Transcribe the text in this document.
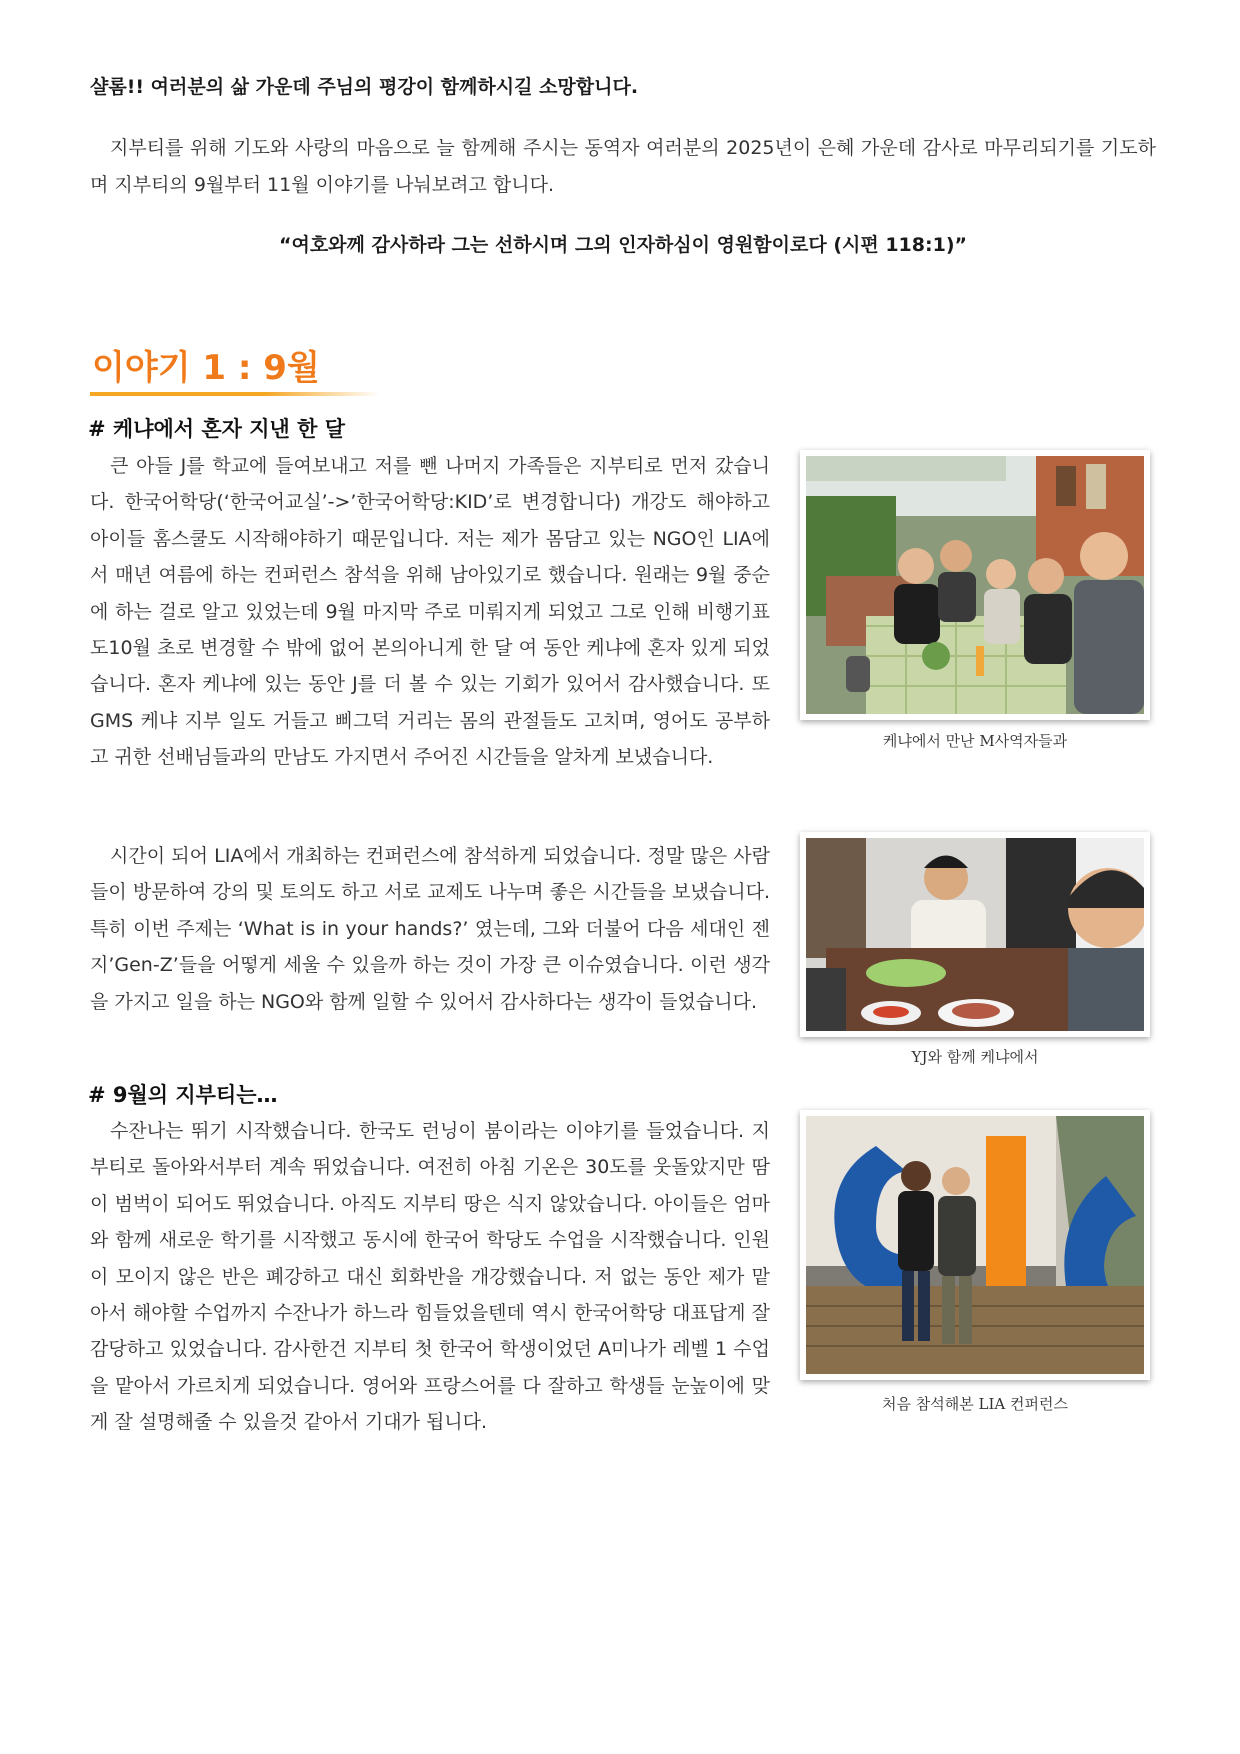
샬롬!! 여러분의 삶 가운데 주님의 평강이 함께하시길 소망합니다.
지부티를 위해 기도와 사랑의 마음으로 늘 함께해 주시는 동역자 여러분의 2025년이 은혜 가운데 감사로 마무리되기를 기도하며 지부티의 9월부터 11월 이야기를 나눠보려고 합니다.
“여호와께 감사하라 그는 선하시며 그의 인자하심이 영원함이로다 (시편 118:1)”
이야기 1 : 9월
# 케냐에서 혼자 지낸 한 달
큰 아들 J를 학교에 들여보내고 저를 뺀 나머지 가족들은 지부티로 먼저 갔습니다. 한국어학당(‘한국어교실’->’한국어학당:KID’로 변경합니다) 개강도 해야하고 아이들 홈스쿨도 시작해야하기 때문입니다. 저는 제가 몸담고 있는 NGO인 LIA에서 매년 여름에 하는 컨퍼런스 참석을 위해 남아있기로 했습니다. 원래는 9월 중순에 하는 걸로 알고 있었는데 9월 마지막 주로 미뤄지게 되었고 그로 인해 비행기표도10월 초로 변경할 수 밖에 없어 본의아니게 한 달 여 동안 케냐에 혼자 있게 되었습니다. 혼자 케냐에 있는 동안 J를 더 볼 수 있는 기회가 있어서 감사했습니다. 또 GMS 케냐 지부 일도 거들고 삐그덕 거리는 몸의 관절들도 고치며, 영어도 공부하고 귀한 선배님들과의 만남도 가지면서 주어진 시간들을 알차게 보냈습니다.
시간이 되어 LIA에서 개최하는 컨퍼런스에 참석하게 되었습니다. 정말 많은 사람들이 방문하여 강의 및 토의도 하고 서로 교제도 나누며 좋은 시간들을 보냈습니다. 특히 이번 주제는 ‘What is in your hands?’ 였는데, 그와 더불어 다음 세대인 젠지’Gen-Z’들을 어떻게 세울 수 있을까 하는 것이 가장 큰 이슈였습니다. 이런 생각을 가지고 일을 하는 NGO와 함께 일할 수 있어서 감사하다는 생각이 들었습니다.
# 9월의 지부티는…
수잔나는 뛰기 시작했습니다. 한국도 런닝이 붐이라는 이야기를 들었습니다. 지부티로 돌아와서부터 계속 뛰었습니다. 여전히 아침 기온은 30도를 웃돌았지만 땀이 범벅이 되어도 뛰었습니다. 아직도 지부티 땅은 식지 않았습니다. 아이들은 엄마와 함께 새로운 학기를 시작했고 동시에 한국어 학당도 수업을 시작했습니다. 인원이 모이지 않은 반은 폐강하고 대신 회화반을 개강했습니다. 저 없는 동안 제가 맡아서 해야할 수업까지 수잔나가 하느라 힘들었을텐데 역시 한국어학당 대표답게 잘 감당하고 있었습니다. 감사한건 지부티 첫 한국어 학생이었던 A미나가 레벨 1 수업을 맡아서 가르치게 되었습니다. 영어와 프랑스어를 다 잘하고 학생들 눈높이에 맞게 잘 설명해줄 수 있을것 같아서 기대가 됩니다.
케냐에서 만난 M사역자들과
YJ와 함께 케냐에서
처음 참석해본 LIA 컨퍼런스
